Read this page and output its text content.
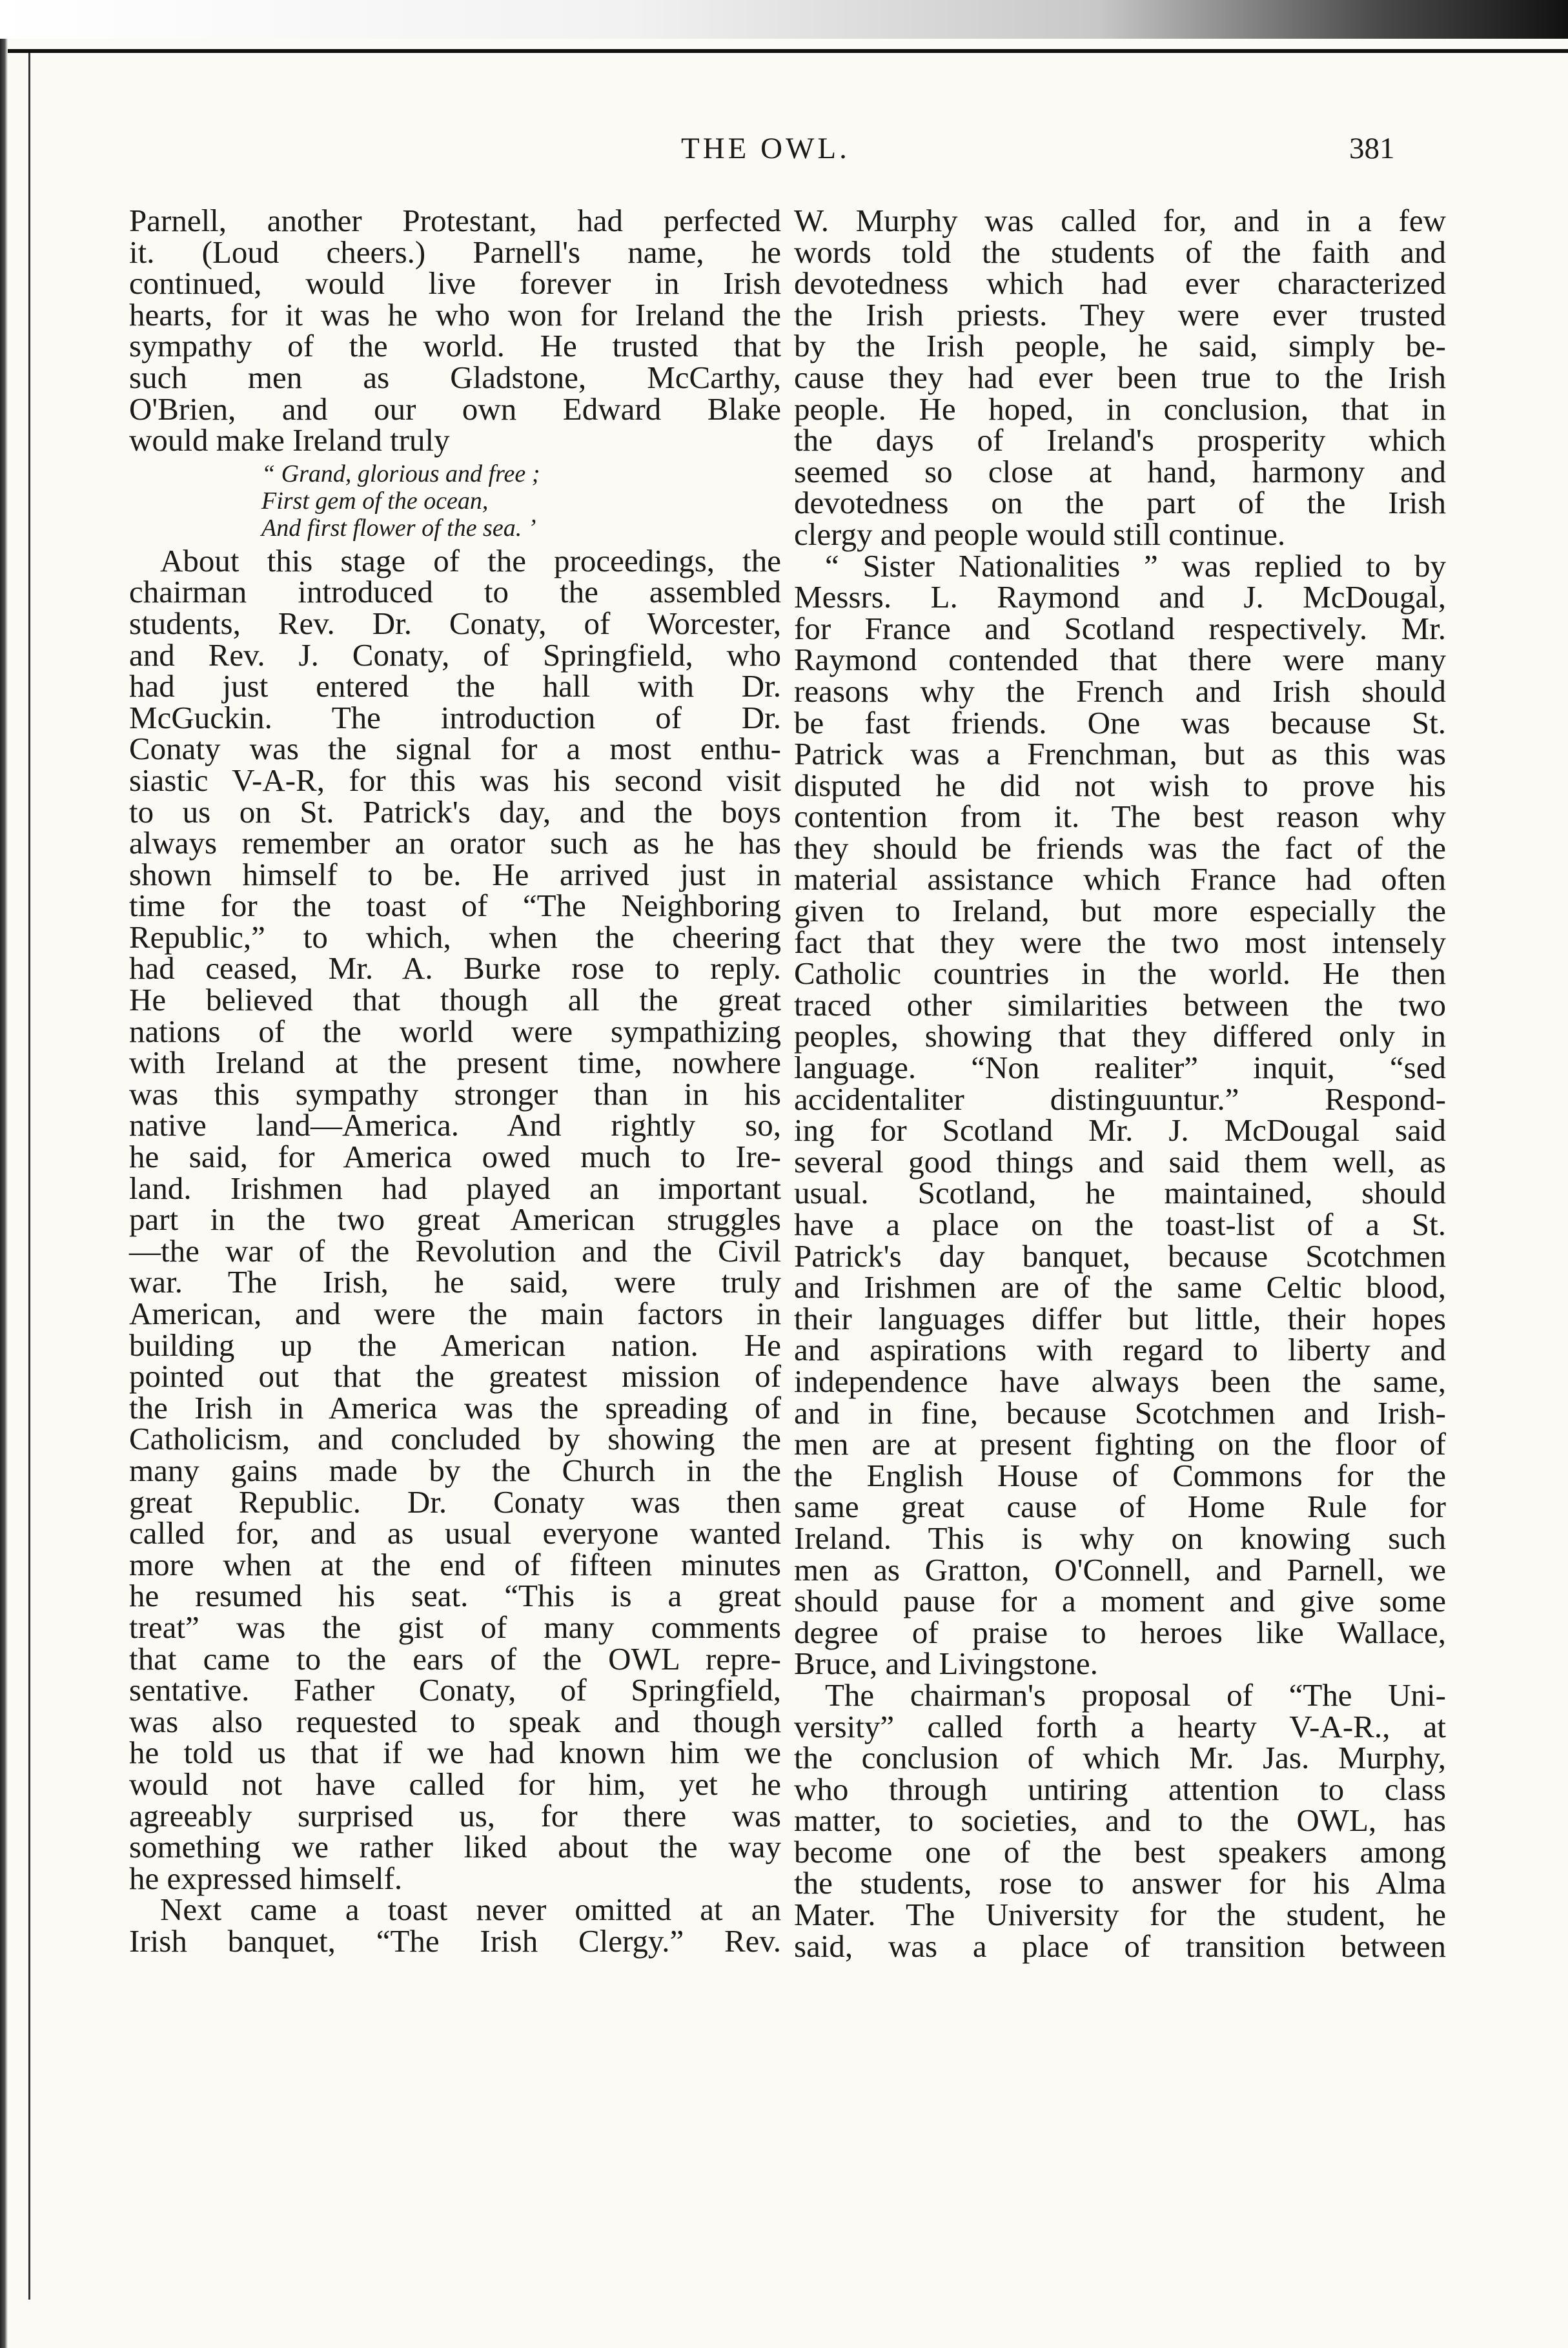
THE OWL.	381
Parnell, another Protestant, had perfected
it. (Loud cheers.) Parnell's name, he
continued, would live forever in Irish
hearts, for it was he who won for Ireland the
sympathy of the world. He trusted that
such men as Gladstone, McCarthy,
O'Brien, and our own Edward Blake
would make Ireland truly
“ Grand, glorious and free ;
First gem of the ocean,
And first flower of the sea. ’
About this stage of the proceedings, the
chairman introduced to the assembled
students, Rev. Dr. Conaty, of Worcester,
and Rev. J. Conaty, of Springfield, who
had just entered the hall with Dr.
McGuckin. The introduction of Dr.
Conaty was the signal for a most enthu-
siastic V-A-R, for this was his second visit
to us on St. Patrick's day, and the boys
always remember an orator such as he has
shown himself to be. He arrived just in
time for the toast of “The Neighboring
Republic,” to which, when the cheering
had ceased, Mr. A. Burke rose to reply.
He believed that though all the great
nations of the world were sympathizing
with Ireland at the present time, nowhere
was this sympathy stronger than in his
native land—America. And rightly so,
he said, for America owed much to Ire-
land. Irishmen had played an important
part in the two great American struggles
—the war of the Revolution and the Civil
war. The Irish, he said, were truly
American, and were the main factors in
building up the American nation. He
pointed out that the greatest mission of
the Irish in America was the spreading of
Catholicism, and concluded by showing the
many gains made by the Church in the
great Republic. Dr. Conaty was then
called for, and as usual everyone wanted
more when at the end of fifteen minutes
he resumed his seat. “This is a great
treat” was the gist of many comments
that came to the ears of the OWL repre-
sentative. Father Conaty, of Springfield,
was also requested to speak and though
he told us that if we had known him we
would not have called for him, yet he
agreeably surprised us, for there was
something we rather liked about the way
he expressed himself.
Next came a toast never omitted at an
Irish banquet, “The Irish Clergy.” Rev.
W. Murphy was called for, and in a few
words told the students of the faith and
devotedness which had ever characterized
the Irish priests. They were ever trusted
by the Irish people, he said, simply be-
cause they had ever been true to the Irish
people. He hoped, in conclusion, that in
the days of Ireland's prosperity which
seemed so close at hand, harmony and
devotedness on the part of the Irish
clergy and people would still continue.
“ Sister Nationalities ” was replied to by
Messrs. L. Raymond and J. McDougal,
for France and Scotland respectively. Mr.
Raymond contended that there were many
reasons why the French and Irish should
be fast friends. One was because St.
Patrick was a Frenchman, but as this was
disputed he did not wish to prove his
contention from it. The best reason why
they should be friends was the fact of the
material assistance which France had often
given to Ireland, but more especially the
fact that they were the two most intensely
Catholic countries in the world. He then
traced other similarities between the two
peoples, showing that they differed only in
language. “Non realiter” inquit, “sed
accidentaliter distinguuntur.” Respond-
ing for Scotland Mr. J. McDougal said
several good things and said them well, as
usual. Scotland, he maintained, should
have a place on the toast-list of a St.
Patrick's day banquet, because Scotchmen
and Irishmen are of the same Celtic blood,
their languages differ but little, their hopes
and aspirations with regard to liberty and
independence have always been the same,
and in fine, because Scotchmen and Irish-
men are at present fighting on the floor of
the English House of Commons for the
same great cause of Home Rule for
Ireland. This is why on knowing such
men as Gratton, O'Connell, and Parnell, we
should pause for a moment and give some
degree of praise to heroes like Wallace,
Bruce, and Livingstone.
The chairman's proposal of “The Uni-
versity” called forth a hearty V-A-R., at
the conclusion of which Mr. Jas. Murphy,
who through untiring attention to class
matter, to societies, and to the OWL, has
become one of the best speakers among
the students, rose to answer for his Alma
Mater. The University for the student, he
said, was a place of transition between
